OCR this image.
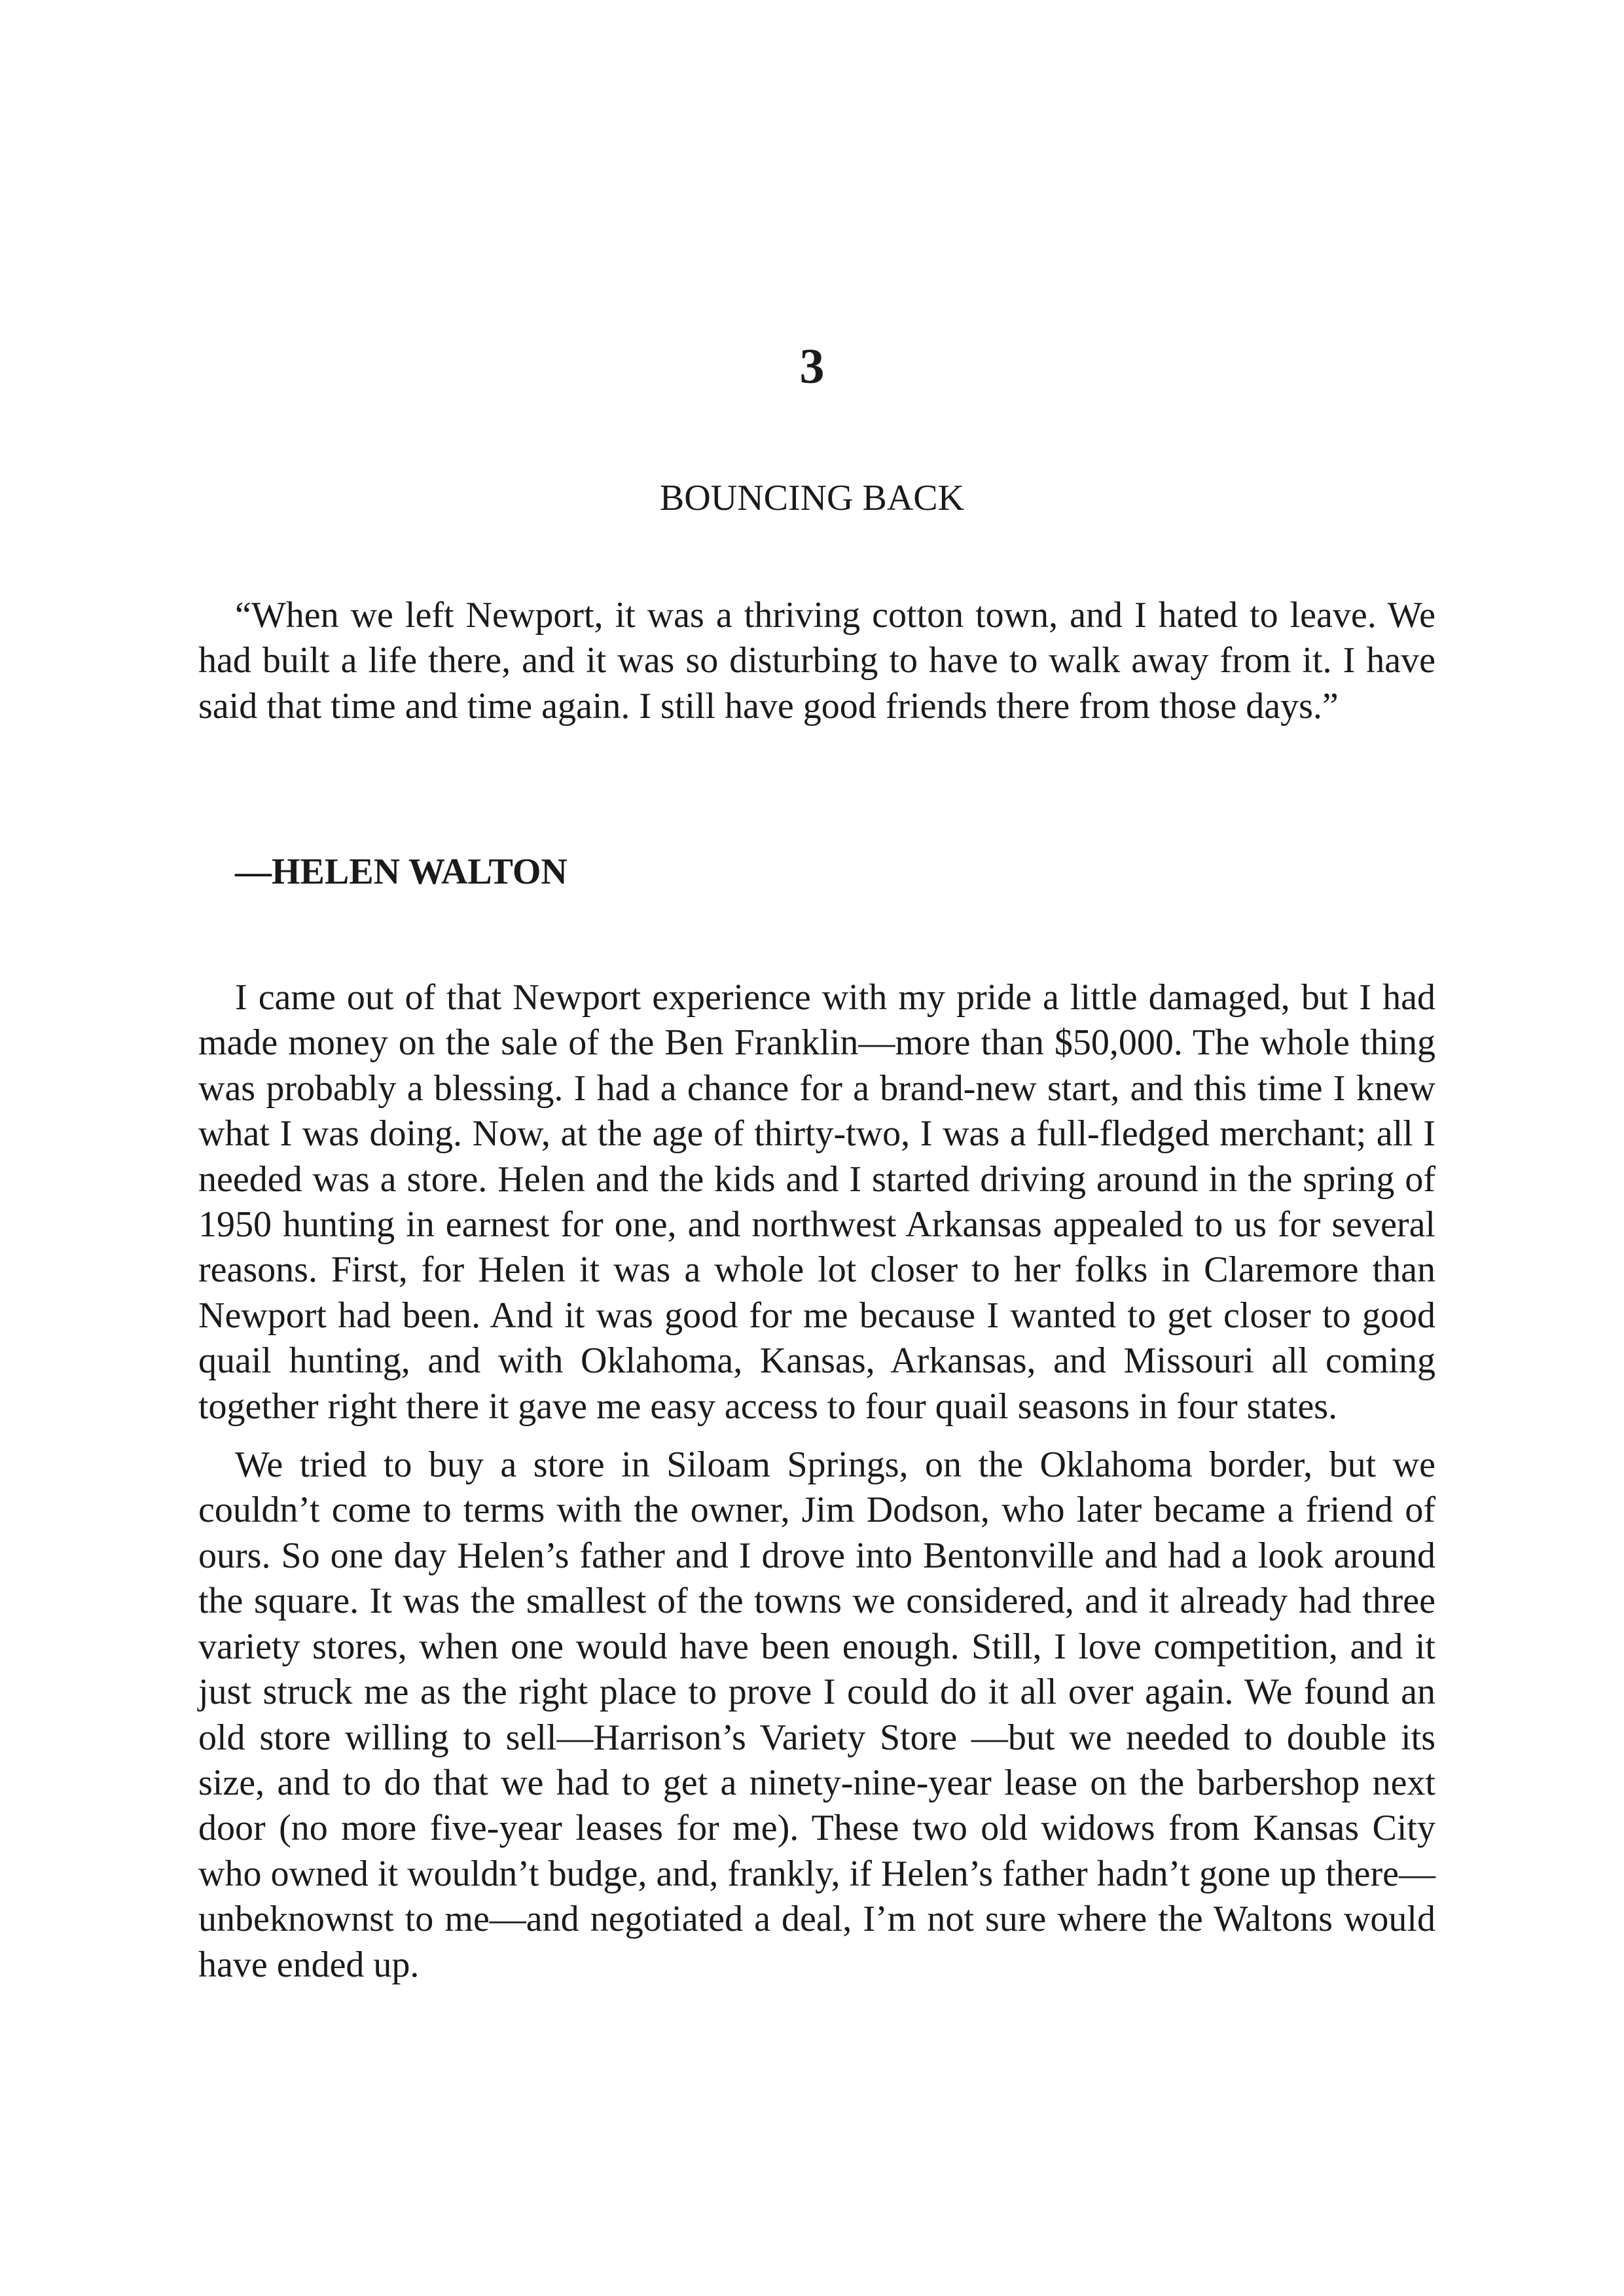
3
BOUNCING BACK

“When we left Newport, it was a thriving cotton town, and I hated to leave. We had built a life there, and it was so disturbing to have to walk away from it. I have said that time and time again. I still have good friends there from those days.”

—HELEN WALTON

I came out of that Newport experience with my pride a little damaged, but I had made money on the sale of the Ben Franklin—more than $50,000. The whole thing was probably a blessing. I had a chance for a brand-new start, and this time I knew what I was doing. Now, at the age of thirty-two, I was a full-fledged merchant; all I needed was a store. Helen and the kids and I started driving around in the spring of 1950 hunting in earnest for one, and northwest Arkansas appealed to us for several reasons. First, for Helen it was a whole lot closer to her folks in Claremore than Newport had been. And it was good for me because I wanted to get closer to good quail hunting, and with Oklahoma, Kansas, Arkansas, and Missouri all coming together right there it gave me easy access to four quail seasons in four states.

We tried to buy a store in Siloam Springs, on the Oklahoma border, but we couldn’t come to terms with the owner, Jim Dodson, who later became a friend of ours. So one day Helen’s father and I drove into Bentonville and had a look around the square. It was the smallest of the towns we considered, and it already had three variety stores, when one would have been enough. Still, I love competition, and it just struck me as the right place to prove I could do it all over again. We found an old store willing to sell—Harrison’s Variety Store —but we needed to double its size, and to do that we had to get a ninety-nine-year lease on the barbershop next door (no more five-year leases for me). These two old widows from Kansas City who owned it wouldn’t budge, and, frankly, if Helen’s father hadn’t gone up there—unbeknownst to me—and negotiated a deal, I’m not sure where the Waltons would have ended up.
